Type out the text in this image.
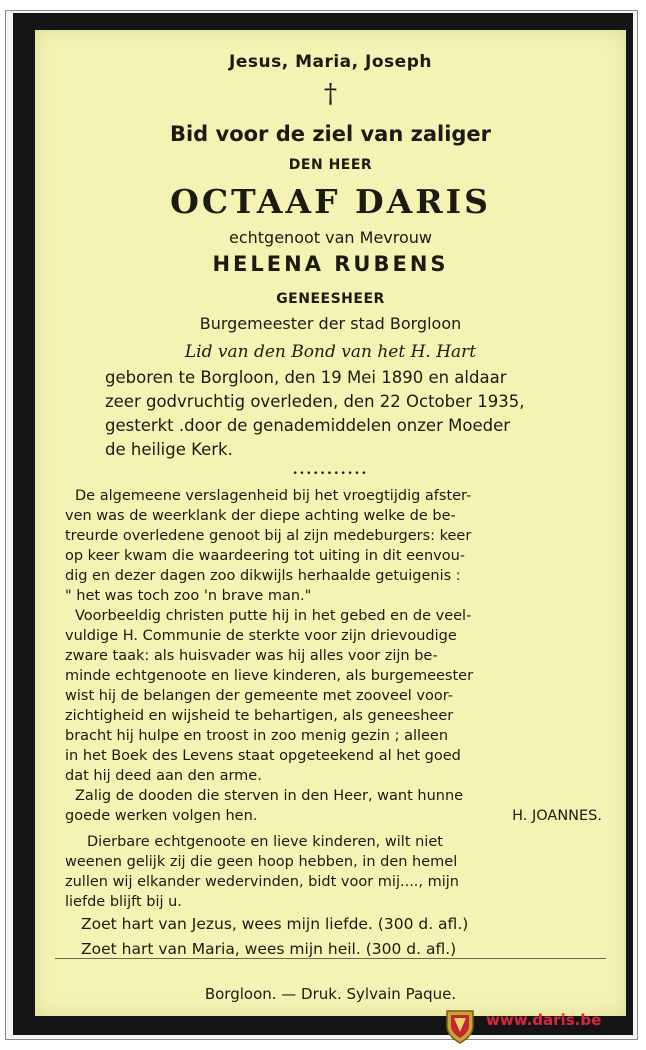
Jesus, Maria, Joseph
†
Bid voor de ziel van zaliger
DEN HEER
OCTAAF DARIS
echtgenoot van Mevrouw
HELENA RUBENS
GENEESHEER
Burgemeester der stad Borgloon
Lid van den Bond van het H. Hart
geboren te Borgloon, den 19 Mei 1890 en aldaar
zeer godvruchtig overleden, den 22 October 1935,
gesterkt .door de genademiddelen onzer Moeder
de heilige Kerk.
...........
De algemeene verslagenheid bij het vroegtijdig afster-
ven was de weerklank der diepe achting welke de be-
treurde overledene genoot bij al zijn medeburgers: keer
op keer kwam die waardeering tot uiting in dit eenvou-
dig en dezer dagen zoo dikwijls herhaalde getuigenis :
" het was toch zoo 'n brave man."
Voorbeeldig christen putte hij in het gebed en de veel-
vuldige H. Communie de sterkte voor zijn drievoudige
zware taak: als huisvader was hij alles voor zijn be-
minde echtgenoote en lieve kinderen, als burgemeester
wist hij de belangen der gemeente met zooveel voor-
zichtigheid en wijsheid te behartigen, als geneesheer
bracht hij hulpe en troost in zoo menig gezin ; alleen
in het Boek des Levens staat opgeteekend al het goed
dat hij deed aan den arme.
Zalig de dooden die sterven in den Heer, want hunne
goede werken volgen hen.	H. JOANNES.
Dierbare echtgenoote en lieve kinderen, wilt niet
weenen gelijk zij die geen hoop hebben, in den hemel
zullen wij elkander wedervinden, bidt voor mij...., mijn
liefde blijft bij u.
Zoet hart van Jezus, wees mijn liefde. (300 d. afl.)
Zoet hart van Maria, wees mijn heil. (300 d. afl.)
Borgloon. — Druk. Sylvain Paque.
www.daris.be
